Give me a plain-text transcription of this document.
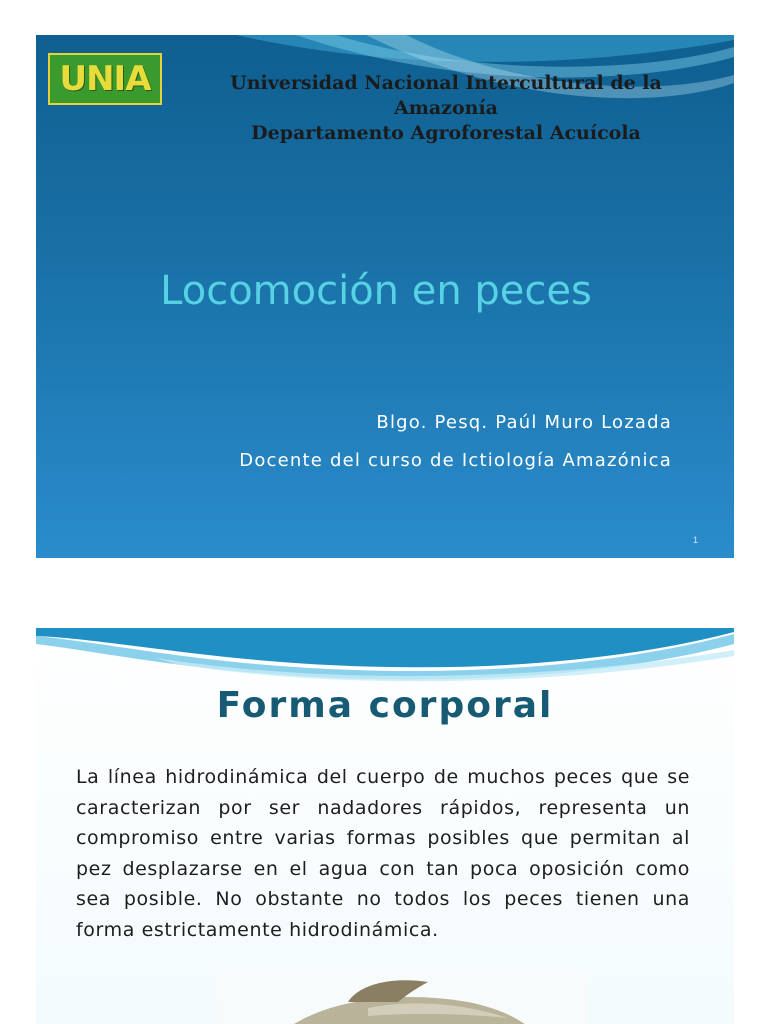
UNIA	Universidad Nacional Intercultural de la
Amazonía
Departamento Agroforestal Acuícola
Locomoción en peces
Blgo. Pesq. Paúl Muro Lozada
Docente del curso de Ictiología Amazónica
1
Forma corporal

La línea hidrodinámica del cuerpo de muchos peces que se caracterizan por ser nadadores rápidos, representa un compromiso entre varias formas posibles que permitan al pez desplazarse en el agua con tan poca oposición como sea posible. No obstante no todos los peces tienen una forma estrictamente hidrodinámica.
